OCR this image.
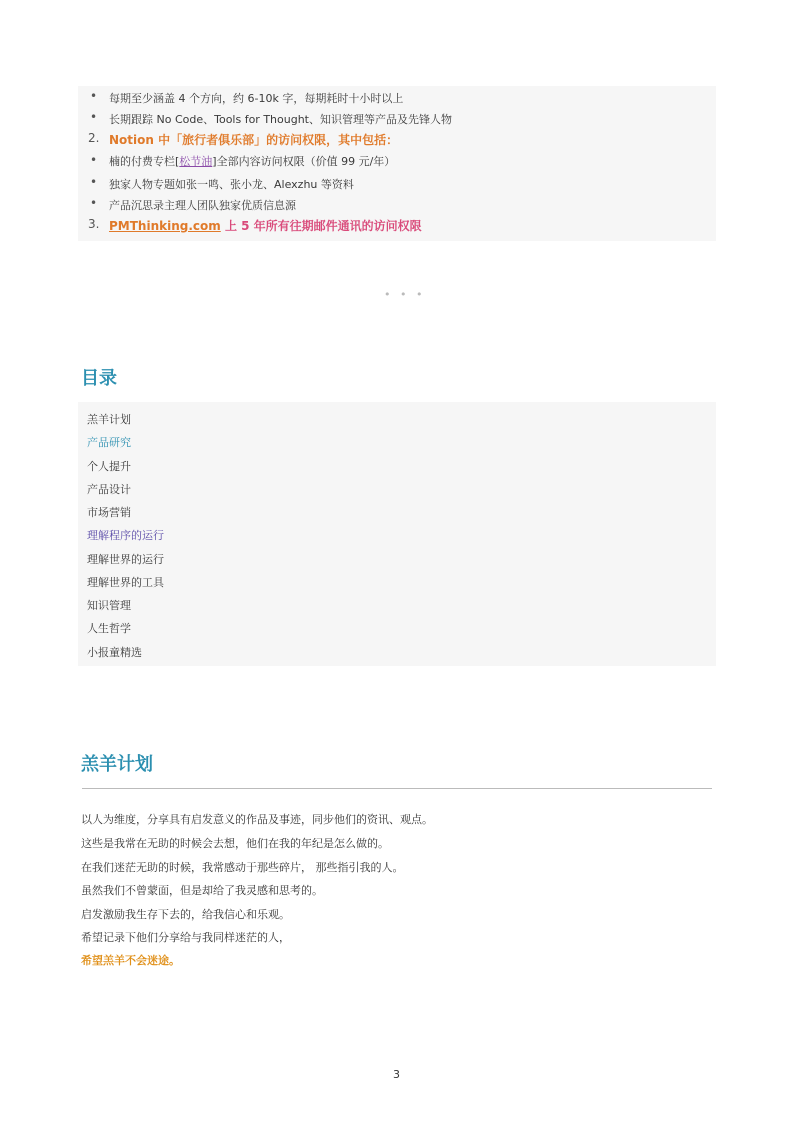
• 每期至少涵盖 4 个方向，约 6-10k 字，每期耗时十小时以上
• 长期跟踪 No Code、Tools for Thought、知识管理等产品及先锋人物
2. Notion 中「旅行者俱乐部」的访问权限，其中包括：
• 楠的付费专栏[松节油]全部内容访问权限（价值 99 元/年）
• 独家人物专题如张一鸣、张小龙、Alexzhu 等资料
• 产品沉思录主理人团队独家优质信息源
3. PMThinking.com 上 5 年所有往期邮件通讯的访问权限
• • •
目录
羔羊计划
产品研究
个人提升
产品设计
市场营销
理解程序的运行
理解世界的运行
理解世界的工具
知识管理
人生哲学
小报童精选
羔羊计划
以人为维度，分享具有启发意义的作品及事迹，同步他们的资讯、观点。
这些是我常在无助的时候会去想，他们在我的年纪是怎么做的。
在我们迷茫无助的时候，我常感动于那些碎片， 那些指引我的人。
虽然我们不曾蒙面，但是却给了我灵感和思考的。
启发激励我生存下去的，给我信心和乐观。
希望记录下他们分享给与我同样迷茫的人，
希望羔羊不会迷途。
3
